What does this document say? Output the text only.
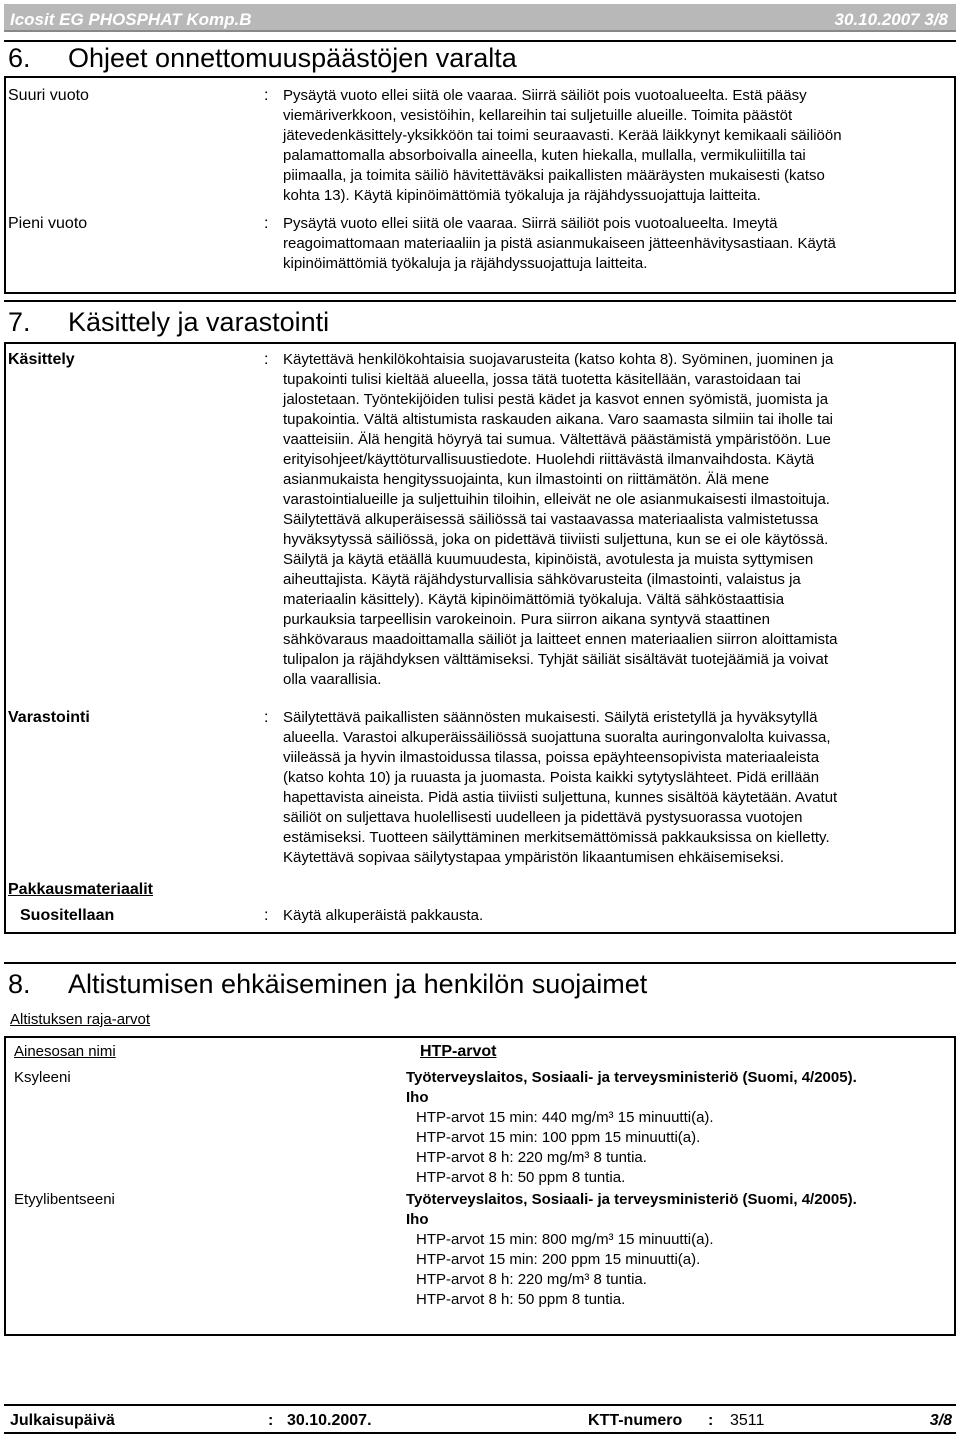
Icosit EG PHOSPHAT Komp.B	30.10.2007 3/8
6. Ohjeet onnettomuuspäästöjen varalta
Suuri vuoto	: Pysäytä vuoto ellei siitä ole vaaraa. Siirrä säiliöt pois vuotoalueelta. Estä pääsy
viemäriverkkoon, vesistöihin, kellareihin tai suljetuille alueille. Toimita päästöt
jätevedenkäsittely-yksikköön tai toimi seuraavasti. Kerää läikkynyt kemikaali säiliöön
palamattomalla absorboivalla aineella, kuten hiekalla, mullalla, vermikuliitilla tai
piimaalla, ja toimita säiliö hävitettäväksi paikallisten määräysten mukaisesti (katso
kohta 13). Käytä kipinöimättömiä työkaluja ja räjähdyssuojattuja laitteita.
Pieni vuoto	: Pysäytä vuoto ellei siitä ole vaaraa. Siirrä säiliöt pois vuotoalueelta. Imeytä
reagoimattomaan materiaaliin ja pistä asianmukaiseen jätteenhävitysastiaan. Käytä
kipinöimättömiä työkaluja ja räjähdyssuojattuja laitteita.
7. Käsittely ja varastointi
Käsittely	: Käytettävä henkilökohtaisia suojavarusteita (katso kohta 8). Syöminen, juominen ja
tupakointi tulisi kieltää alueella, jossa tätä tuotetta käsitellään, varastoidaan tai
jalostetaan. Työntekijöiden tulisi pestä kädet ja kasvot ennen syömistä, juomista ja
tupakointia. Vältä altistumista raskauden aikana. Varo saamasta silmiin tai iholle tai
vaatteisiin. Älä hengitä höyryä tai sumua. Vältettävä päästämistä ympäristöön. Lue
erityisohjeet/käyttöturvallisuustiedote. Huolehdi riittävästä ilmanvaihdosta. Käytä
asianmukaista hengityssuojainta, kun ilmastointi on riittämätön. Älä mene
varastointialueille ja suljettuihin tiloihin, elleivät ne ole asianmukaisesti ilmastoituja.
Säilytettävä alkuperäisessä säiliössä tai vastaavassa materiaalista valmistetussa
hyväksytyssä säiliössä, joka on pidettävä tiiviisti suljettuna, kun se ei ole käytössä.
Säilytä ja käytä etäällä kuumuudesta, kipinöistä, avotulesta ja muista syttymisen
aiheuttajista. Käytä räjähdysturvallisia sähkövarusteita (ilmastointi, valaistus ja
materiaalin käsittely). Käytä kipinöimättömiä työkaluja. Vältä sähköstaattisia
purkauksia tarpeellisin varokeinoin. Pura siirron aikana syntyvä staattinen
sähkövaraus maadoittamalla säiliöt ja laitteet ennen materiaalien siirron aloittamista
tulipalon ja räjähdyksen välttämiseksi. Tyhjät säiliät sisältävät tuotejäämiä ja voivat
olla vaarallisia.
Varastointi	: Säilytettävä paikallisten säännösten mukaisesti. Säilytä eristetyllä ja hyväksytyllä
alueella. Varastoi alkuperäissäiliössä suojattuna suoralta auringonvalolta kuivassa,
viileässä ja hyvin ilmastoidussa tilassa, poissa epäyhteensopivista materiaaleista
(katso kohta 10) ja ruuasta ja juomasta. Poista kaikki sytytyslähteet. Pidä erillään
hapettavista aineista. Pidä astia tiiviisti suljettuna, kunnes sisältöä käytetään. Avatut
säiliöt on suljettava huolellisesti uudelleen ja pidettävä pystysuorassa vuotojen
estämiseksi. Tuotteen säilyttäminen merkitsemättömissä pakkauksissa on kielletty.
Käytettävä sopivaa säilytystapaa ympäristön likaantumisen ehkäisemiseksi.
Pakkausmateriaalit
Suositellaan	: Käytä alkuperäistä pakkausta.
8. Altistumisen ehkäiseminen ja henkilön suojaimet
Altistuksen raja-arvot
Ainesosan nimi	HTP-arvot
Ksyleeni	Työterveyslaitos, Sosiaali- ja terveysministeriö (Suomi, 4/2005).
Iho
HTP-arvot 15 min: 440 mg/m³ 15 minuutti(a).
HTP-arvot 15 min: 100 ppm 15 minuutti(a).
HTP-arvot 8 h: 220 mg/m³ 8 tuntia.
HTP-arvot 8 h: 50 ppm 8 tuntia.
Etyylibentseeni	Työterveyslaitos, Sosiaali- ja terveysministeriö (Suomi, 4/2005).
Iho
HTP-arvot 15 min: 800 mg/m³ 15 minuutti(a).
HTP-arvot 15 min: 200 ppm 15 minuutti(a).
HTP-arvot 8 h: 220 mg/m³ 8 tuntia.
HTP-arvot 8 h: 50 ppm 8 tuntia.
Julkaisupäivä	: 30.10.2007.	KTT-numero : 3511	3/8
